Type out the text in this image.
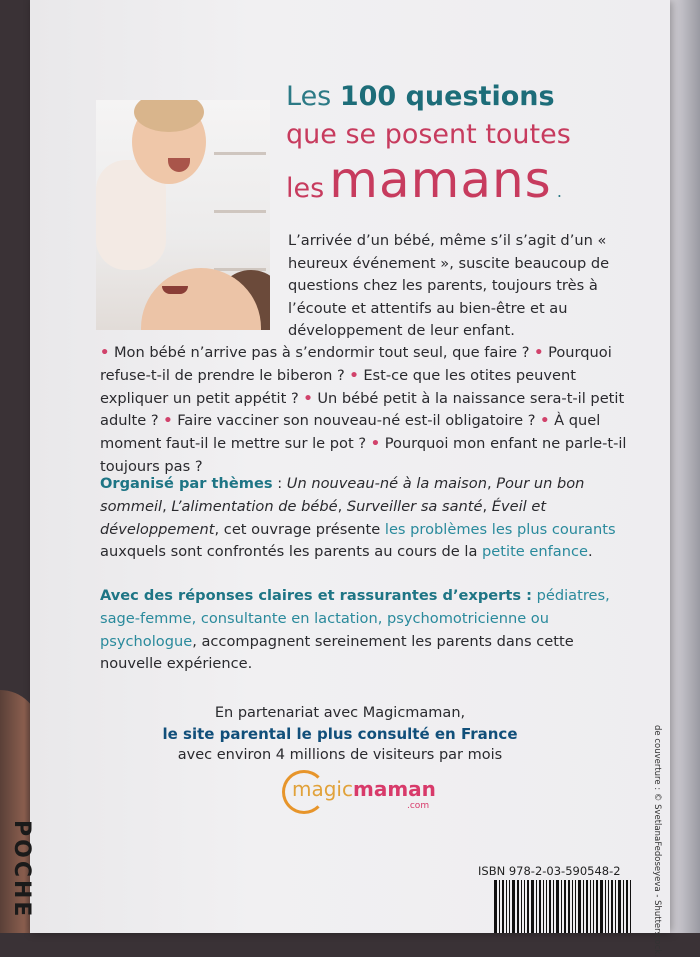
Les 100 questions
que se posent toutes
les mamans .
L’arrivée d’un bébé, même s’il s’agit d’un « heureux événement », suscite beaucoup de questions chez les parents, toujours très à l’écoute et attentifs au bien-être et au développement de leur enfant.
• Mon bébé n’arrive pas à s’endormir tout seul, que faire ? • Pourquoi refuse-t-il de prendre le biberon ? • Est-ce que les otites peuvent expliquer un petit appétit ? • Un bébé petit à la naissance sera-t-il petit adulte ? • Faire vacciner son nouveau-né est-il obligatoire ? • À quel moment faut-il le mettre sur le pot ? • Pourquoi mon enfant ne parle-t-il toujours pas ?
Organisé par thèmes : Un nouveau-né à la maison, Pour un bon sommeil, L’alimentation de bébé, Surveiller sa santé, Éveil et développement, cet ouvrage présente les problèmes les plus courants auxquels sont confrontés les parents au cours de la petite enfance.
Avec des réponses claires et rassurantes d’experts : pédiatres, sage-femme, consultante en lactation, psychomotricienne ou psychologue, accompagnent sereinement les parents dans cette nouvelle expérience.
En partenariat avec Magicmaman,
le site parental le plus consulté en France
avec environ 4 millions de visiteurs par mois
magicmaman
.com
ISBN 978-2-03-590548-2	de couverture : © SvetlanaFedoseyeva - Shutterstock.
POCHE
